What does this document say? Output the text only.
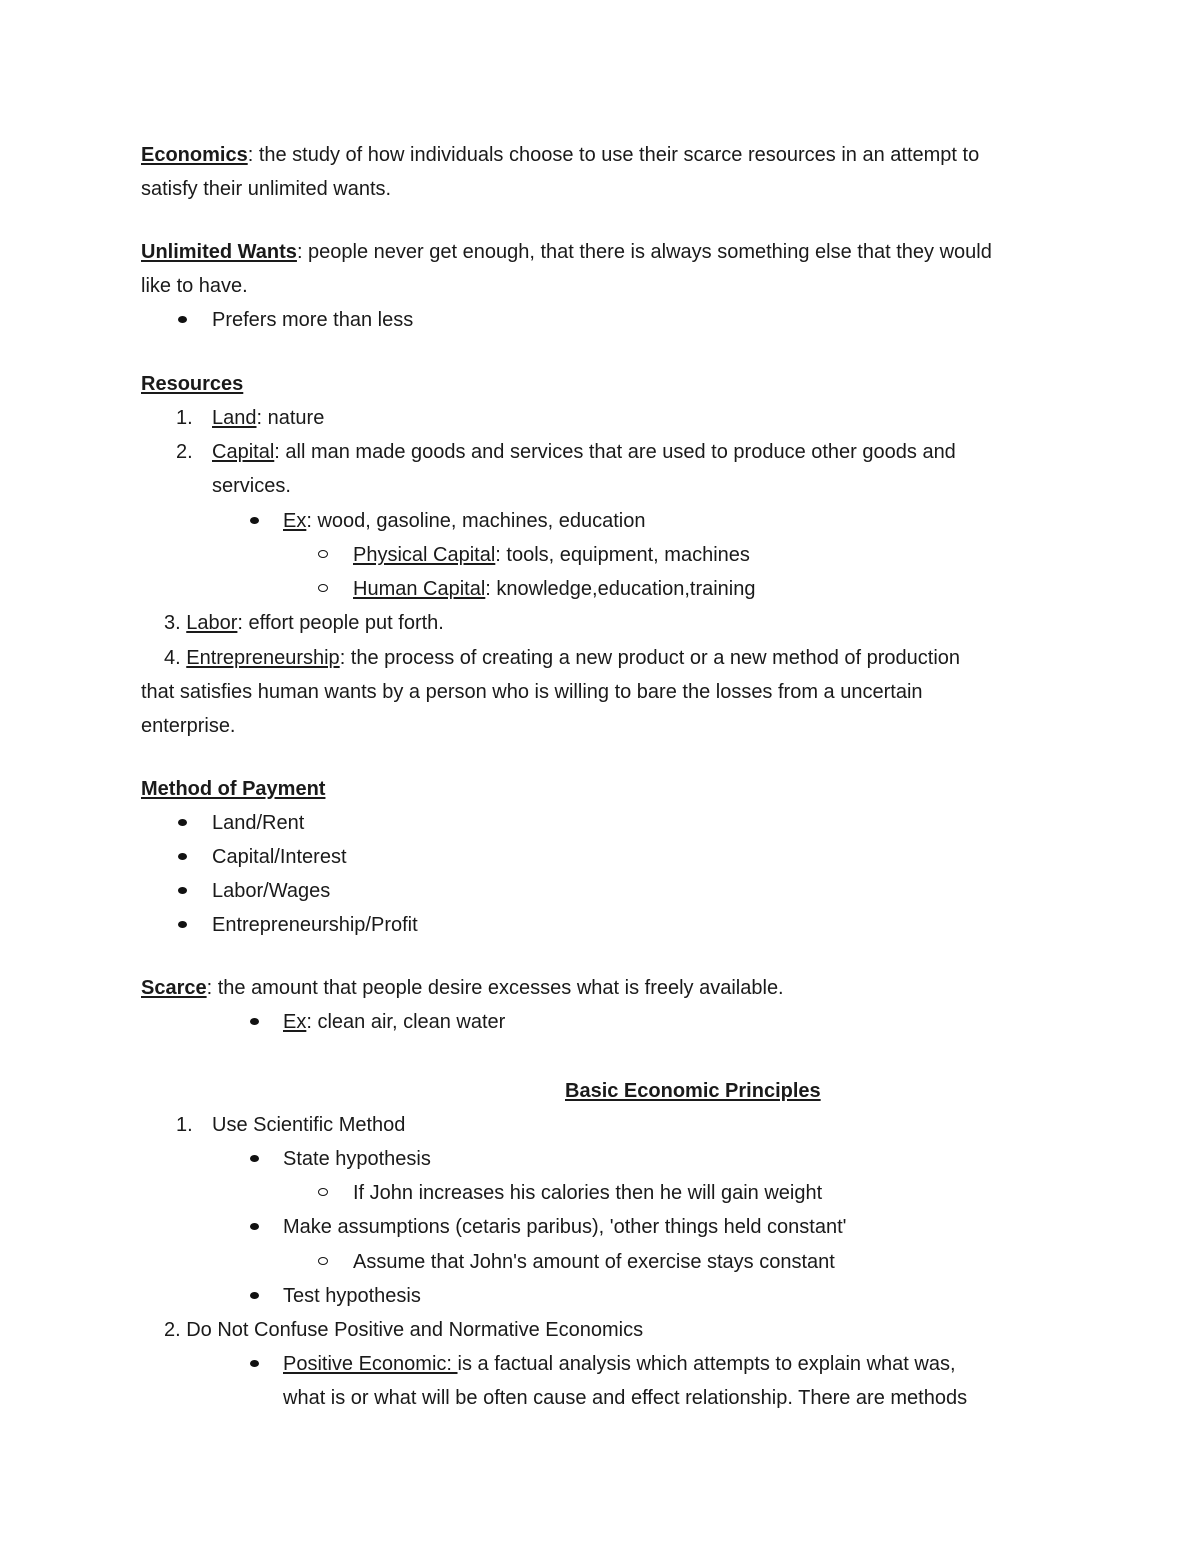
Economics: the study of how individuals choose to use their scarce resources in an attempt to
satisfy their unlimited wants.
Unlimited Wants: people never get enough, that there is always something else that they would
like to have.
Prefers more than less
Resources
1. Land: nature
2. Capital: all man made goods and services that are used to produce other goods and
services.
Ex: wood, gasoline, machines, education
Physical Capital: tools, equipment, machines
Human Capital: knowledge,education,training
3. Labor: effort people put forth.
4. Entrepreneurship: the process of creating a new product or a new method of production
that satisfies human wants by a person who is willing to bare the losses from a uncertain
enterprise.
Method of Payment
Land/Rent
Capital/Interest
Labor/Wages
Entrepreneurship/Profit
Scarce: the amount that people desire excesses what is freely available.
Ex: clean air, clean water
Basic Economic Principles
1. Use Scientific Method
State hypothesis
If John increases his calories then he will gain weight
Make assumptions (cetaris paribus), 'other things held constant'
Assume that John's amount of exercise stays constant
Test hypothesis
2. Do Not Confuse Positive and Normative Economics
Positive Economic: is a factual analysis which attempts to explain what was,
what is or what will be often cause and effect relationship. There are methods
